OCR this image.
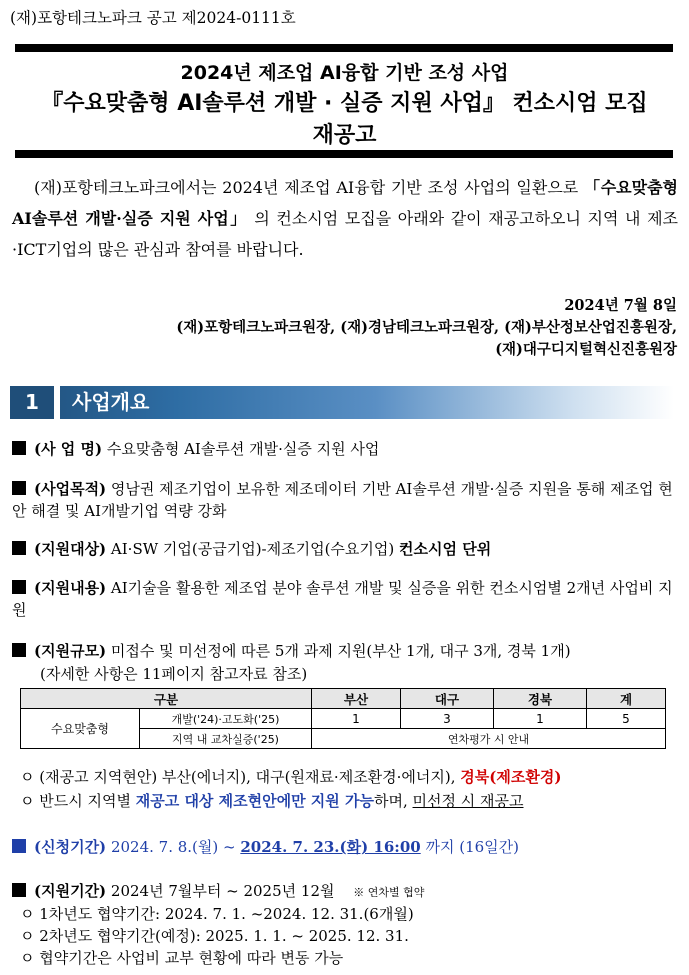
(재)포항테크노파크 공고 제2024-0111호
2024년 제조업 AI융합 기반 조성 사업
『수요맞춤형 AI솔루션 개발 · 실증 지원 사업』 컨소시엄 모집
재공고
(재)포항테크노파크에서는 2024년 제조업 AI융합 기반 조성 사업의 일환으로 「수요맞춤형 AI솔루션 개발·실증 지원 사업」 의 컨소시엄 모집을 아래와 같이 재공고하오니 지역 내 제조·ICT기업의 많은 관심과 참여를 바랍니다.
2024년 7월 8일
(재)포항테크노파크원장, (재)경남테크노파크원장, (재)부산정보산업진흥원장,
(재)대구디지털혁신진흥원장
1	사업개요
(사 업 명) 수요맞춤형 AI솔루션 개발·실증 지원 사업
(사업목적) 영남권 제조기업이 보유한 제조데이터 기반 AI솔루션 개발·실증 지원을 통해 제조업 현안 해결 및 AI개발기업 역량 강화
(지원대상) AI·SW 기업(공급기업)-제조기업(수요기업) 컨소시엄 단위
(지원내용) AI기술을 활용한 제조업 분야 솔루션 개발 및 실증을 위한 컨소시엄별 2개년 사업비 지원
(지원규모) 미접수 및 미선정에 따른 5개 과제 지원(부산 1개, 대구 3개, 경북 1개)
(자세한 사항은 11페이지 참고자료 참조)
구분		부산	대구	경북	계
수요맞춤형	개발('24)·고도화('25)	1	3	1	5
	지역 내 교차실증('25)	연차평가 시 안내			
ㅇ (재공고 지역현안) 부산(에너지), 대구(원재료·제조환경·에너지), 경북(제조환경)
ㅇ 반드시 지역별 재공고 대상 제조현안에만 지원 가능하며, 미선정 시 재공고
(신청기간) 2024. 7. 8.(월) ~ 2024. 7. 23.(화) 16:00 까지 (16일간)
(지원기간) 2024년 7월부터 ~ 2025년 12월 ※ 연차별 협약
ㅇ 1차년도 협약기간: 2024. 7. 1. ~2024. 12. 31.(6개월)
ㅇ 2차년도 협약기간(예정): 2025. 1. 1. ~ 2025. 12. 31.
ㅇ 협약기간은 사업비 교부 현황에 따라 변동 가능
